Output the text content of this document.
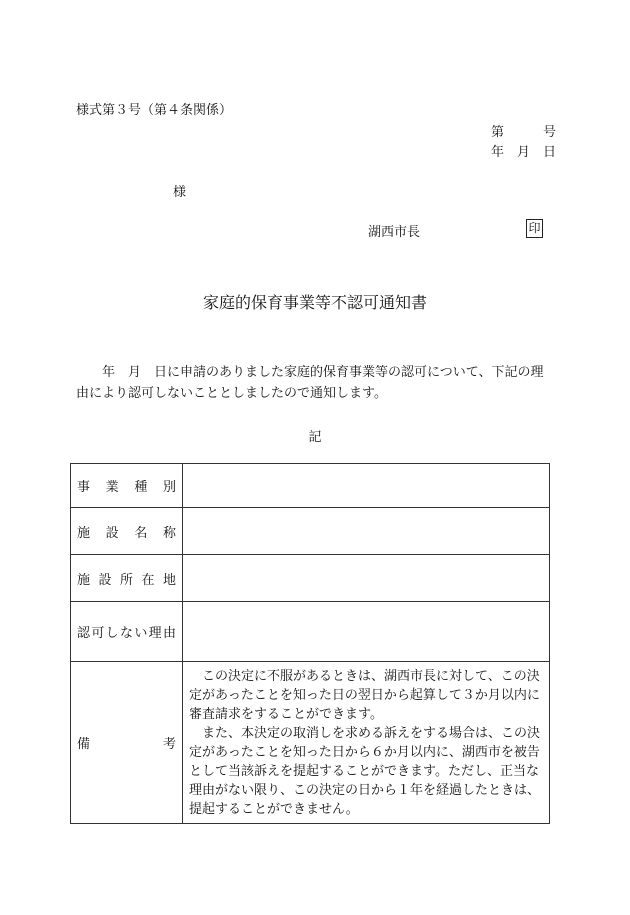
様式第３号（第４条関係）
第　　　号
年　月　日
様
湖西市長	印
家庭的保育事業等不認可通知書

年　月　日に申請のありました家庭的保育事業等の認可について、下記の理由により認可しないこととしましたので通知します。

記
事業種別	
施設名称	
施設所在地	
認可しない理由	
備考	この決定に不服があるときは、湖西市長に対して、この決定があったことを知った日の翌日から起算して３か月以内に審査請求をすることができます。

また、本決定の取消しを求める訴えをする場合は、この決定があったことを知った日から６か月以内に、湖西市を被告として当該訴えを提起することができます。ただし、正当な理由がない限り、この決定の日から１年を経過したときは、提起することができません。
